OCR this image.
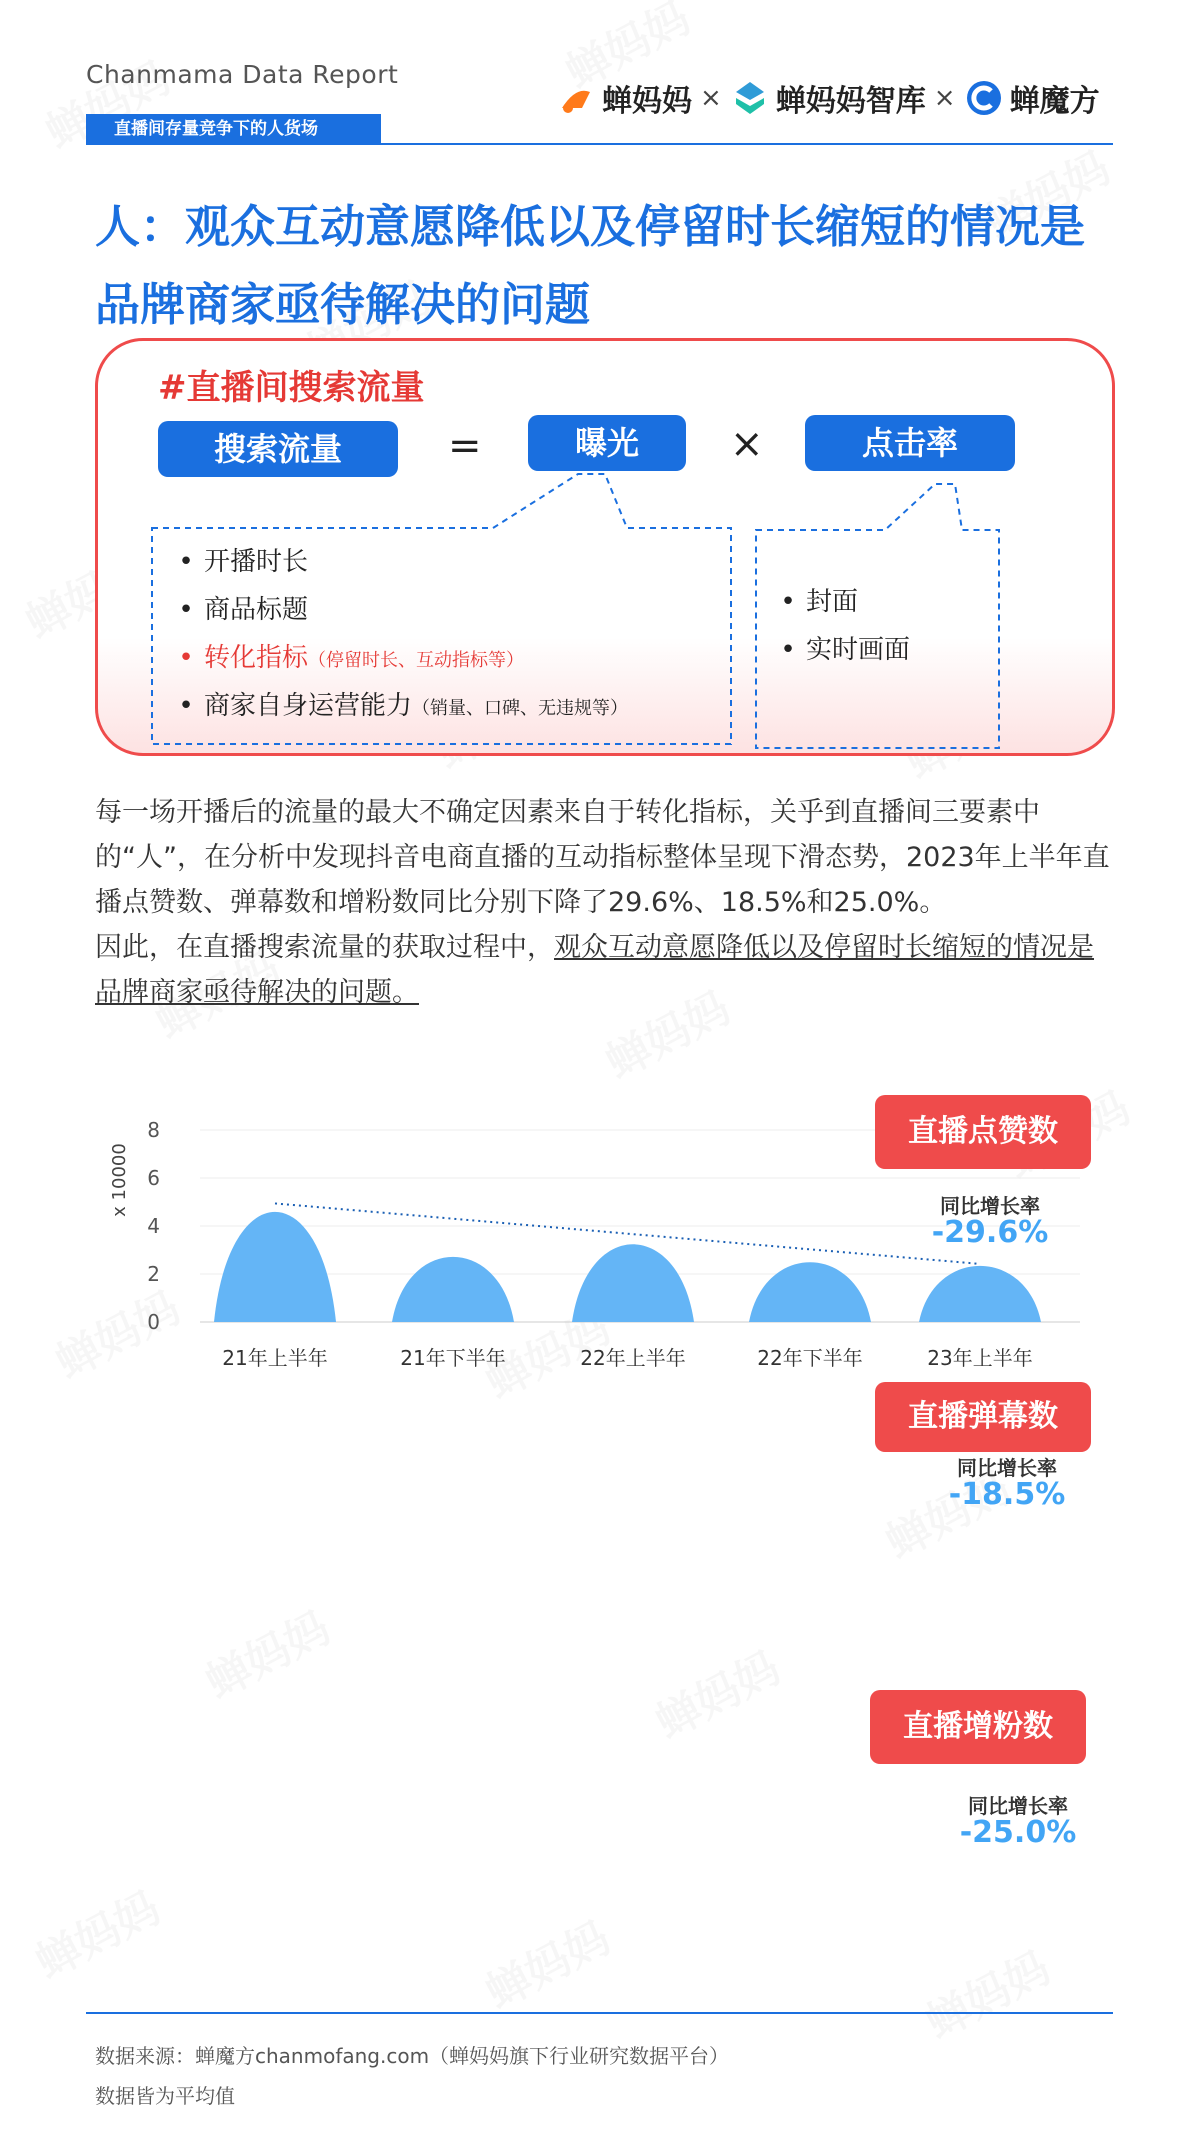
Chanmama Data Report
直播间存量竞争下的人货场
蝉妈妈 × 蝉妈妈智库 × 蝉魔方
人：观众互动意愿降低以及停留时长缩短的情况是品牌商家亟待解决的问题
#直播间搜索流量
搜索流量	=	曝光	×	点击率
• 开播时长
• 商品标题
• 转化指标（停留时长、互动指标等）
• 商家自身运营能力（销量、口碑、无违规等）
• 封面
• 实时画面

每一场开播后的流量的最大不确定因素来自于转化指标，关乎到直播间三要素中的“人”，在分析中发现抖音电商直播的互动指标整体呈现下滑态势，2023年上半年直播点赞数、弹幕数和增粉数同比分别下降了29.6%、18.5%和25.0%。

因此，在直播搜索流量的获取过程中，观众互动意愿降低以及停留时长缩短的情况是品牌商家亟待解决的问题。

0
2
4
6
8
x 10000
21年上半年	21年下半年	22年上半年	22年下半年	23年上半年
直播点赞数
同比增长率
-29.6%
直播弹幕数
同比增长率
-18.5%
直播增粉数
同比增长率
-25.0%
数据来源：蝉魔方chanmofang.com（蝉妈妈旗下行业研究数据平台）
数据皆为平均值
